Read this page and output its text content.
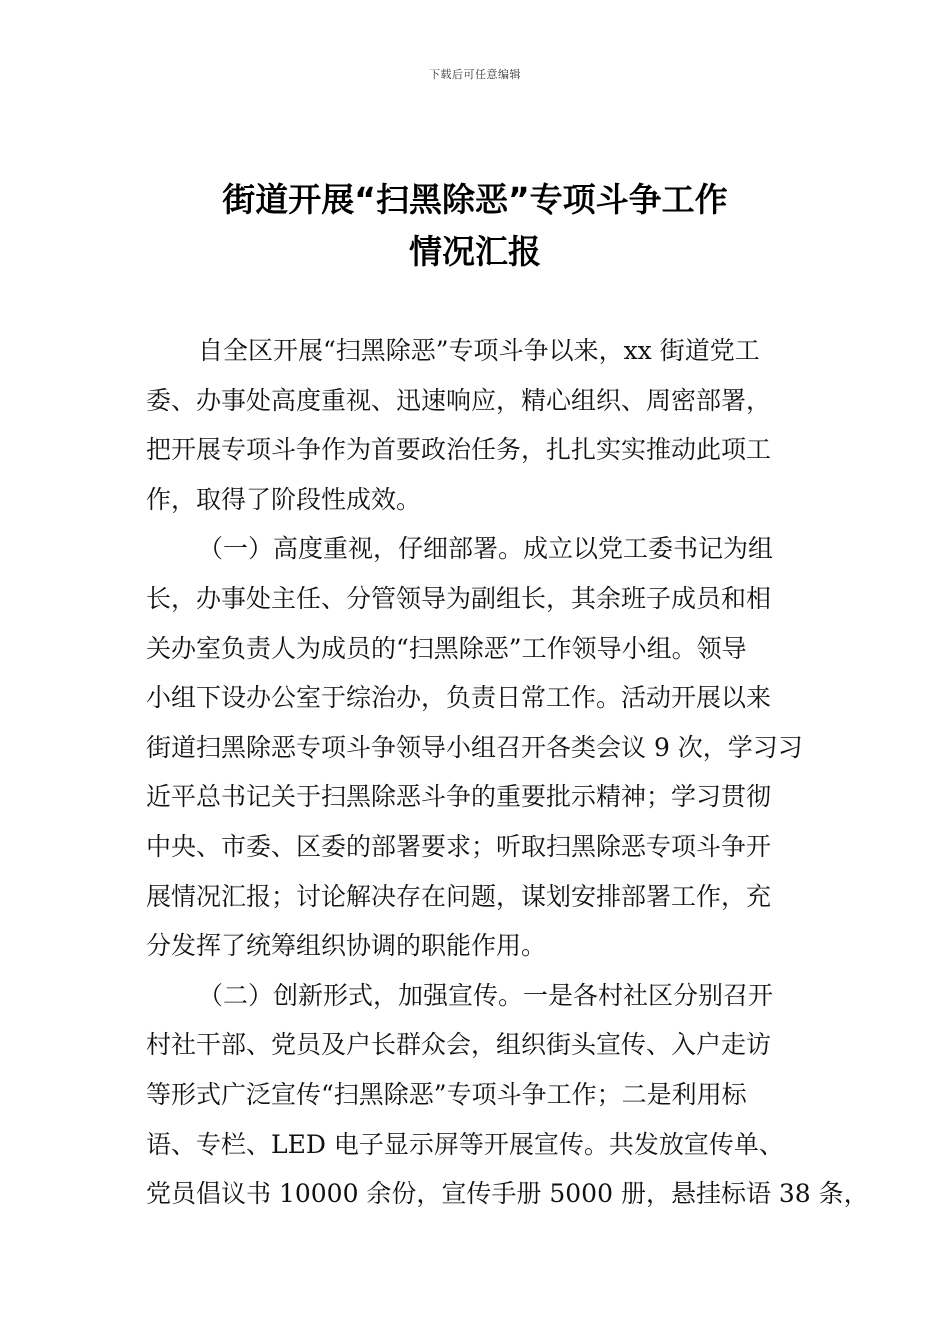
下载后可任意编辑
街道开展“扫黑除恶”专项斗争工作
情况汇报
自全区开展“扫黑除恶”专项斗争以来，xx 街道党工
委、办事处高度重视、迅速响应，精心组织、周密部署，
把开展专项斗争作为首要政治任务，扎扎实实推动此项工
作，取得了阶段性成效。
（一）高度重视，仔细部署。成立以党工委书记为组
长，办事处主任、分管领导为副组长，其余班子成员和相
关办室负责人为成员的“扫黑除恶”工作领导小组。领导
小组下设办公室于综治办，负责日常工作。活动开展以来
街道扫黑除恶专项斗争领导小组召开各类会议 9 次，学习习
近平总书记关于扫黑除恶斗争的重要批示精神；学习贯彻
中央、市委、区委的部署要求；听取扫黑除恶专项斗争开
展情况汇报；讨论解决存在问题，谋划安排部署工作，充
分发挥了统筹组织协调的职能作用。
（二）创新形式，加强宣传。一是各村社区分别召开
村社干部、党员及户长群众会，组织街头宣传、入户走访
等形式广泛宣传“扫黑除恶”专项斗争工作；二是利用标
语、专栏、LED 电子显示屏等开展宣传。共发放宣传单、
党员倡议书 10000 余份，宣传手册 5000 册，悬挂标语 38 条，
